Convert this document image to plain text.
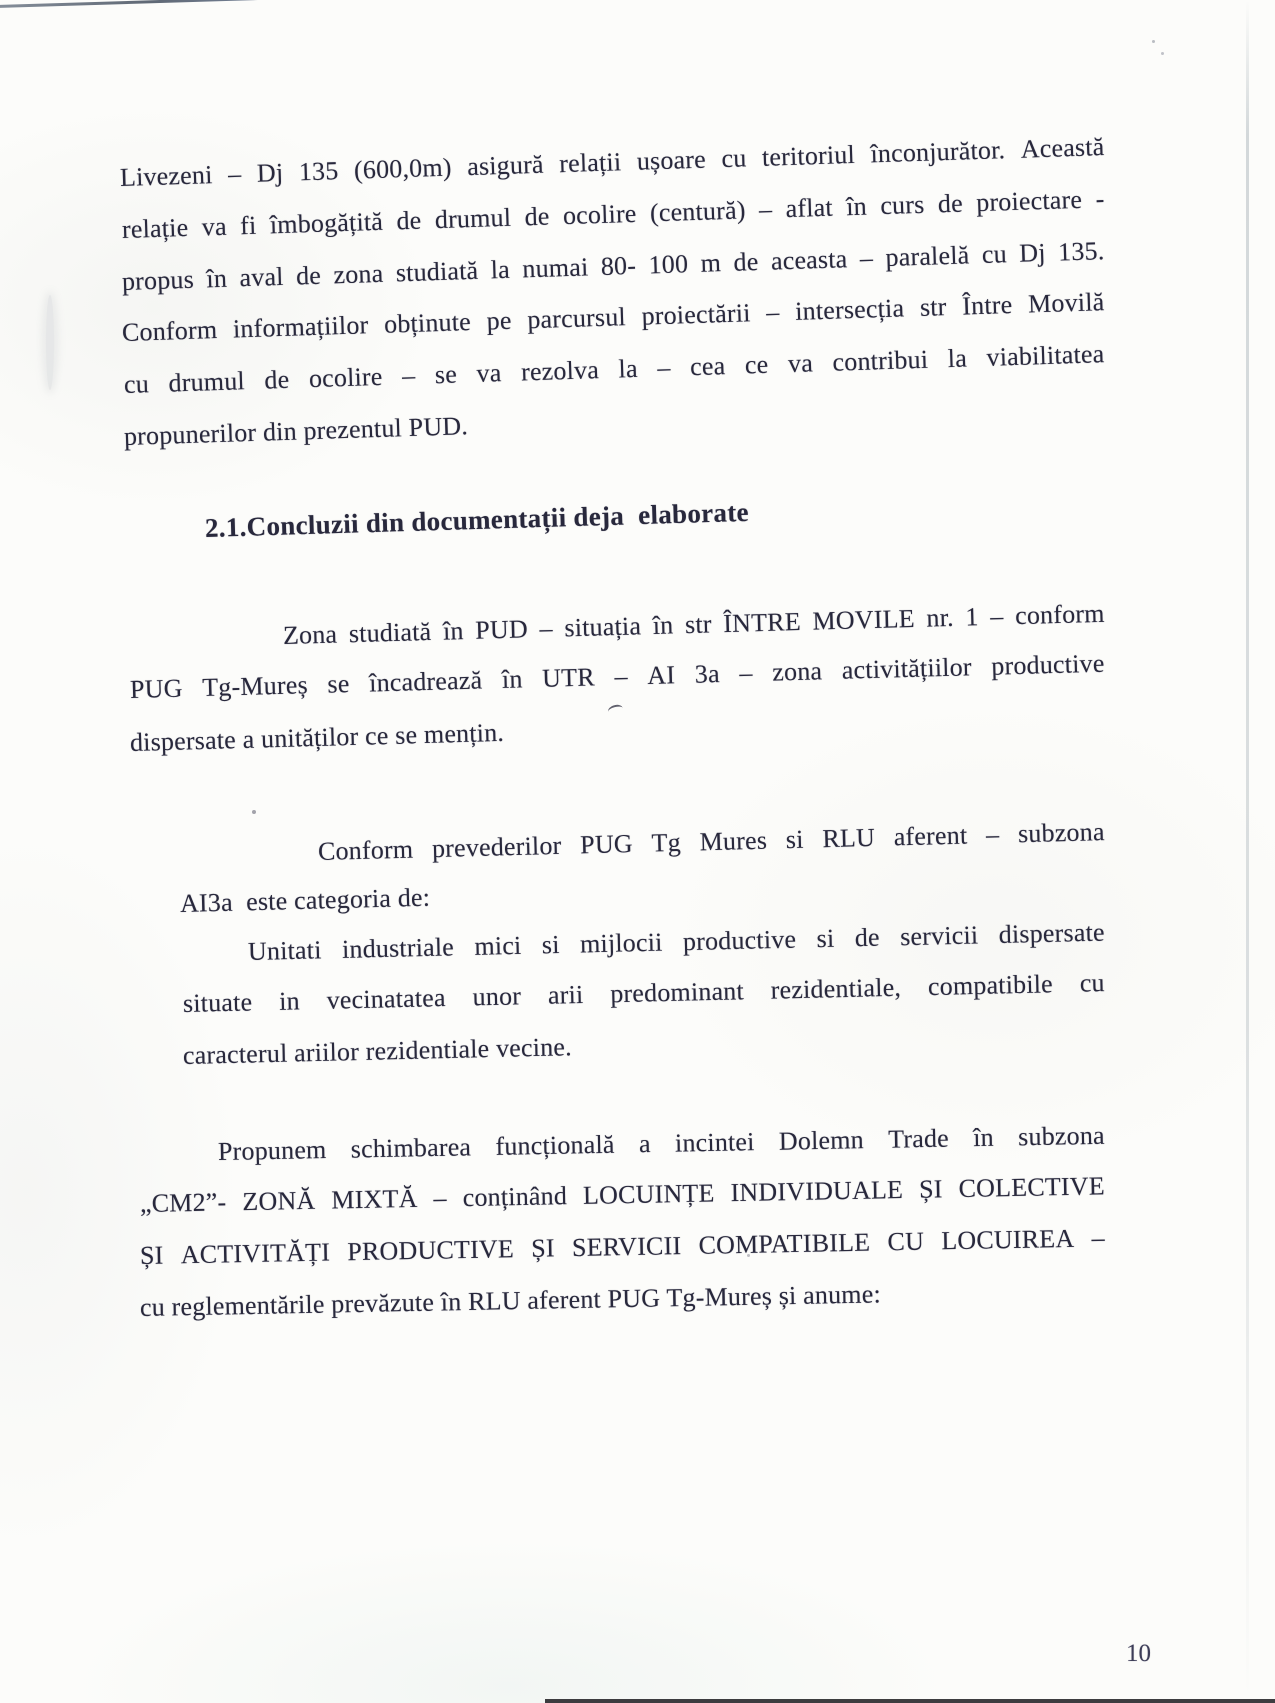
Livezeni – Dj 135 (600,0m) asigură relații ușoare cu teritoriul înconjurător. Această
relație va fi îmbogățită de drumul de ocolire (centură) – aflat în curs de proiectare -
propus în aval de zona studiată la numai 80- 100 m de aceasta – paralelă cu Dj 135.
Conform informațiilor obținute pe parcursul proiectării – intersecția str Între Movilă
cu drumul de ocolire – se va rezolva la – cea ce va contribui la viabilitatea
propunerilor din prezentul PUD.
2.1.Concluzii din documentații deja  elaborate
Zona studiată în PUD – situația în str ÎNTRE MOVILE nr. 1 – conform
PUG Tg-Mureș se încadrează în UTR – AI 3a – zona activitățiilor productive
dispersate a unităților ce se mențin.
Conform prevederilor PUG Tg Mures si RLU aferent – subzona
AI3a  este categoria de:
Unitati industriale mici si mijlocii productive si de servicii dispersate
situate in vecinatatea unor arii predominant rezidentiale, compatibile cu
caracterul ariilor rezidentiale vecine.
Propunem schimbarea funcțională a incintei Dolemn Trade în subzona
„CM2”- ZONĂ MIXTĂ – conținând LOCUINȚE INDIVIDUALE ȘI COLECTIVE
ȘI ACTIVITĂȚI PRODUCTIVE ȘI SERVICII COMPATIBILE CU LOCUIREA –
cu reglementările prevăzute în RLU aferent PUG Tg-Mureș și anume:
10
